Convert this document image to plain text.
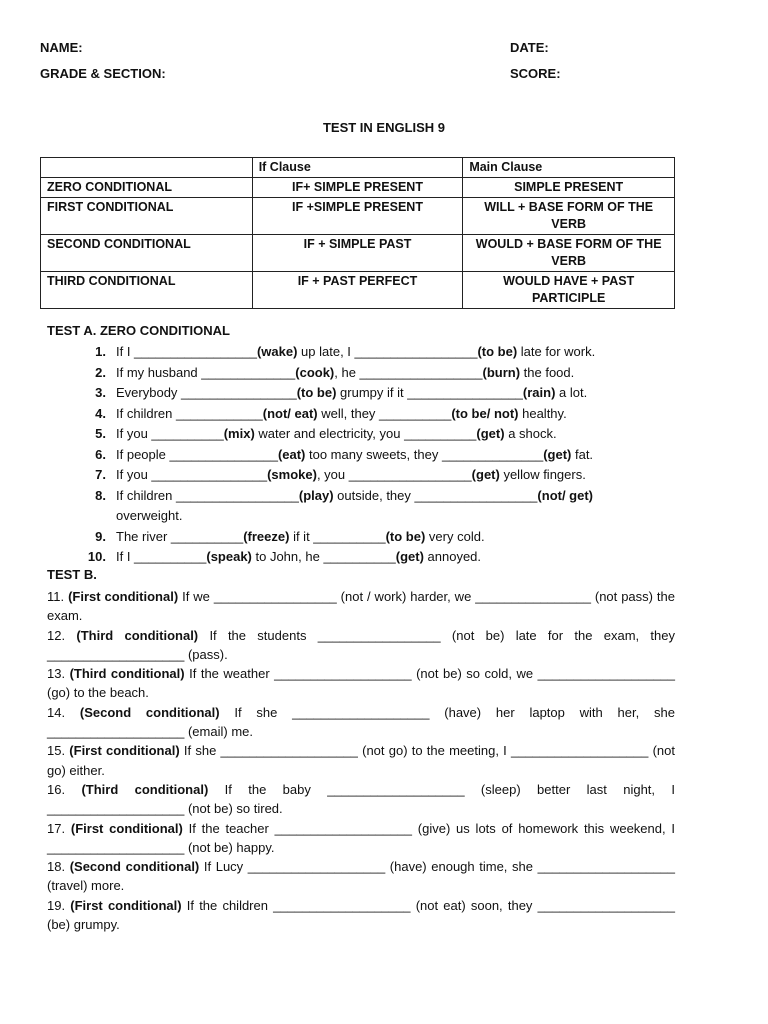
NAME:	DATE:
GRADE & SECTION:	SCORE:
TEST IN ENGLISH 9
	If Clause	Main Clause
ZERO CONDITIONAL	IF+ SIMPLE PRESENT	SIMPLE PRESENT
FIRST CONDITIONAL	IF +SIMPLE PRESENT	WILL + BASE FORM OF THE VERB
SECOND CONDITIONAL	IF + SIMPLE PAST	WOULD + BASE FORM OF THE VERB
THIRD CONDITIONAL	IF + PAST PERFECT	WOULD HAVE + PAST PARTICIPLE
TEST A. ZERO CONDITIONAL
1. If I _________________(wake) up late, I _________________(to be) late for work.
2. If my husband _____________(cook), he _________________(burn) the food.
3. Everybody ________________(to be) grumpy if it ________________(rain) a lot.
4. If children ____________(not/ eat) well, they __________(to be/ not) healthy.
5. If you __________(mix) water and electricity, you __________(get) a shock.
6. If people _______________(eat) too many sweets, they ______________(get) fat.
7. If you ________________(smoke), you _________________(get) yellow fingers.
8. If children _________________(play) outside, they _________________(not/ get) overweight.
9. The river __________(freeze) if it __________(to be) very cold.
10. If I __________(speak) to John, he __________(get) annoyed.
TEST B.
11. (First conditional) If we _________________ (not / work) harder, we ________________ (not pass) the exam.
12. (Third conditional) If the students _________________ (not be) late for the exam, they ___________________ (pass).
13. (Third conditional) If the weather ___________________ (not be) so cold, we ___________________ (go) to the beach.
14. (Second conditional) If she ___________________ (have) her laptop with her, she ___________________ (email) me.
15. (First conditional) If she ___________________ (not go) to the meeting, I ___________________ (not go) either.
16. (Third conditional) If the baby ___________________ (sleep) better last night, I ___________________ (not be) so tired.
17. (First conditional) If the teacher ___________________ (give) us lots of homework this weekend, I ___________________ (not be) happy.
18. (Second conditional) If Lucy ___________________ (have) enough time, she ___________________ (travel) more.
19. (First conditional) If the children ___________________ (not eat) soon, they ___________________ (be) grumpy.
